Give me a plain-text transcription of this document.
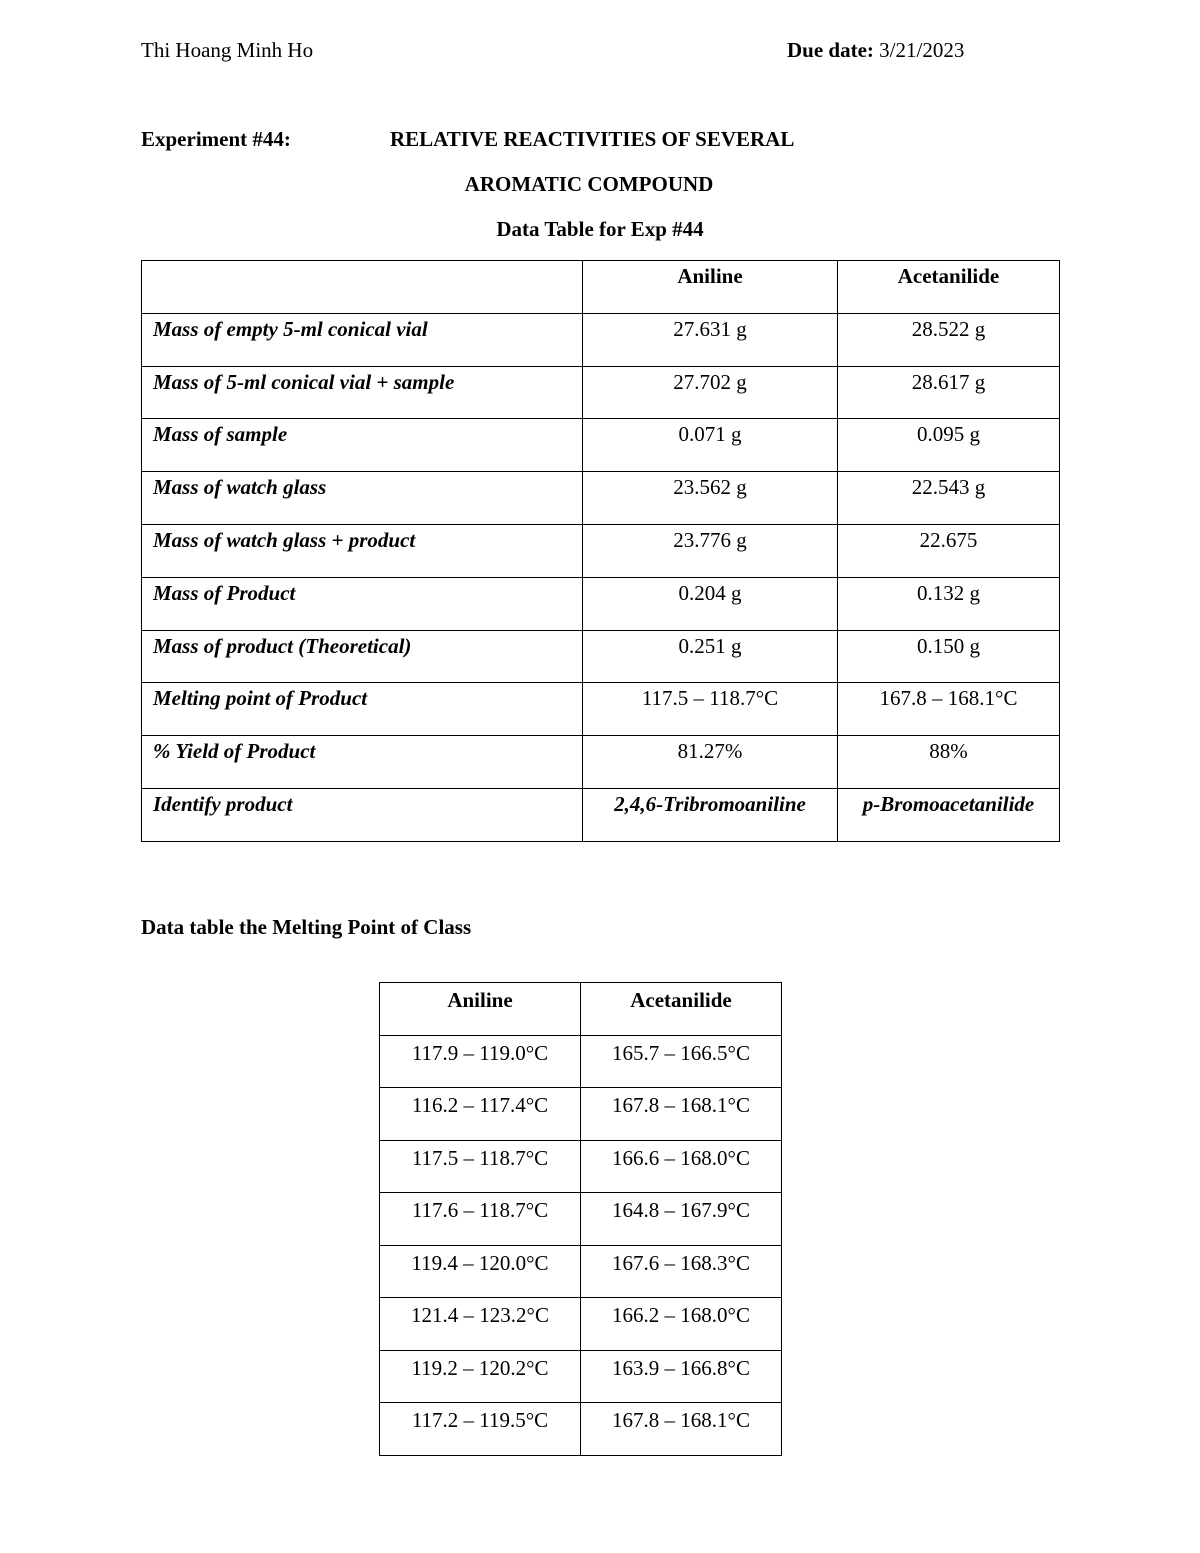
Thi Hoang Minh Ho	Due date: 3/21/2023
Experiment #44:	RELATIVE REACTIVITIES OF SEVERAL
AROMATIC COMPOUND
Data Table for Exp #44
	Aniline	Acetanilide
Mass of empty 5-ml conical vial	27.631 g	28.522 g
Mass of 5-ml conical vial + sample	27.702 g	28.617 g
Mass of sample	0.071 g	0.095 g
Mass of watch glass	23.562 g	22.543 g
Mass of watch glass + product	23.776 g	22.675
Mass of Product	0.204 g	0.132 g
Mass of product (Theoretical)	0.251 g	0.150 g
Melting point of Product	117.5 – 118.7°C	167.8 – 168.1°C
% Yield of Product	81.27%	88%
Identify product	2,4,6-Tribromoaniline	p-Bromoacetanilide
Data table the Melting Point of Class
Aniline	Acetanilide
117.9 – 119.0°C	165.7 – 166.5°C
116.2 – 117.4°C	167.8 – 168.1°C
117.5 – 118.7°C	166.6 – 168.0°C
117.6 – 118.7°C	164.8 – 167.9°C
119.4 – 120.0°C	167.6 – 168.3°C
121.4 – 123.2°C	166.2 – 168.0°C
119.2 – 120.2°C	163.9 – 166.8°C
117.2 – 119.5°C	167.8 – 168.1°C
